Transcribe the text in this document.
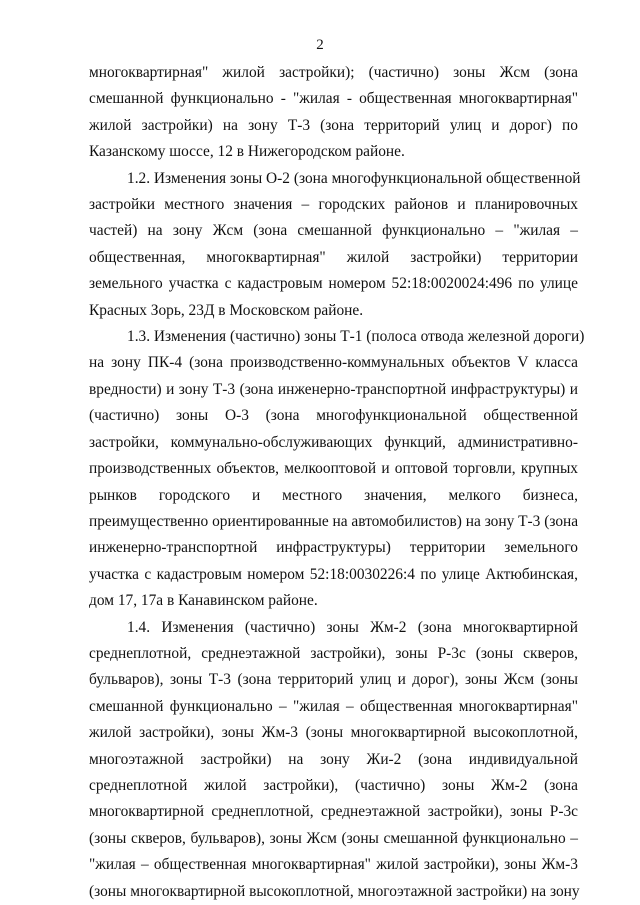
2
многоквартирная" жилой застройки); (частично) зоны Жсм (зона
смешанной функционально - "жилая - общественная многоквартирная"
жилой застройки) на зону Т-3 (зона территорий улиц и дорог) по
Казанскому шоссе, 12 в Нижегородском районе.
1.2. Изменения зоны О-2 (зона многофункциональной общественной
застройки местного значения – городских районов и планировочных
частей) на зону Жсм (зона смешанной функционально – "жилая –
общественная, многоквартирная" жилой застройки) территории
земельного участка с кадастровым номером 52:18:0020024:496 по улице
Красных Зорь, 23Д в Московском районе.
1.3. Изменения (частично) зоны Т-1 (полоса отвода железной дороги)
на зону ПК-4 (зона производственно-коммунальных объектов V класса
вредности) и зону Т-3 (зона инженерно-транспортной инфраструктуры) и
(частично) зоны О-3 (зона многофункциональной общественной
застройки, коммунально-обслуживающих функций, административно-
производственных объектов, мелкооптовой и оптовой торговли, крупных
рынков городского и местного значения, мелкого бизнеса,
преимущественно ориентированные на автомобилистов) на зону Т-3 (зона
инженерно-транспортной инфраструктуры) территории земельного
участка с кадастровым номером 52:18:0030226:4 по улице Актюбинская,
дом 17, 17а в Канавинском районе.
1.4. Изменения (частично) зоны Жм-2 (зона многоквартирной
среднеплотной, среднеэтажной застройки), зоны Р-3с (зоны скверов,
бульваров), зоны Т-3 (зона территорий улиц и дорог), зоны Жсм (зоны
смешанной функционально – "жилая – общественная многоквартирная"
жилой застройки), зоны Жм-3 (зоны многоквартирной высокоплотной,
многоэтажной застройки) на зону Жи-2 (зона индивидуальной
среднеплотной жилой застройки), (частично) зоны Жм-2 (зона
многоквартирной среднеплотной, среднеэтажной застройки), зоны Р-3с
(зоны скверов, бульваров), зоны Жсм (зоны смешанной функционально –
"жилая – общественная многоквартирная" жилой застройки), зоны Жм-3
(зоны многоквартирной высокоплотной, многоэтажной застройки) на зону
